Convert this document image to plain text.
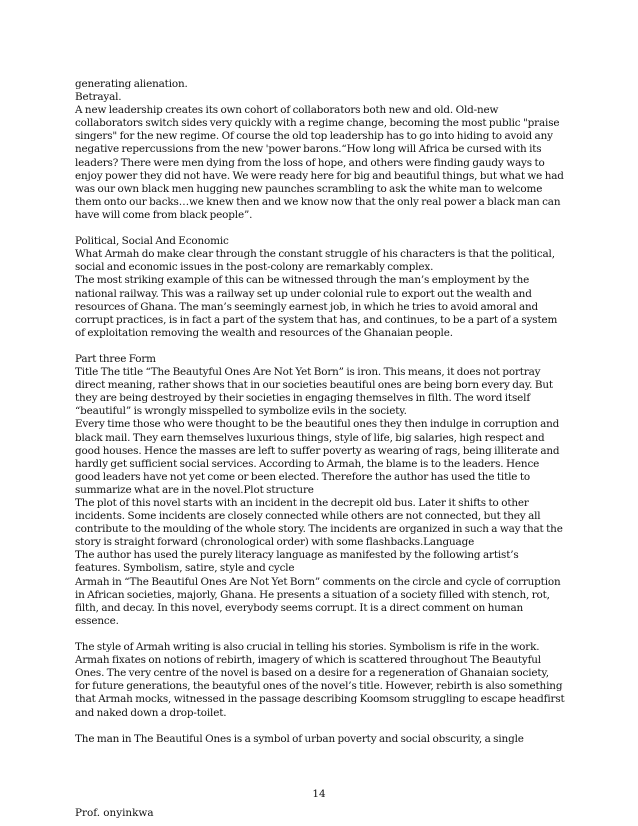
generating alienation.

Betrayal.

A new leadership creates its own cohort of collaborators both new and old. Old-new collaborators switch sides very quickly with a regime change, becoming the most public "praise singers" for the new regime. Of course the old top leadership has to go into hiding to avoid any negative repercussions from the new 'power barons.“How long will Africa be cursed with its leaders? There were men dying from the loss of hope, and others were finding gaudy ways to enjoy power they did not have. We were ready here for big and beautiful things, but what we had was our own black men hugging new paunches scrambling to ask the white man to welcome them onto our backs…we knew then and we know now that the only real power a black man can have will come from black people”.

Political, Social And Economic

What Armah do make clear through the constant struggle of his characters is that the political, social and economic issues in the post-colony are remarkably complex.

The most striking example of this can be witnessed through the man’s employment by the national railway. This was a railway set up under colonial rule to export out the wealth and resources of Ghana. The man’s seemingly earnest job, in which he tries to avoid amoral and corrupt practices, is in fact a part of the system that has, and continues, to be a part of a system of exploitation removing the wealth and resources of the Ghanaian people.

Part three Form

Title The title “The Beautyful Ones Are Not Yet Born” is iron. This means, it does not portray direct meaning, rather shows that in our societies beautiful ones are being born every day. But they are being destroyed by their societies in engaging themselves in filth. The word itself “beautiful” is wrongly misspelled to symbolize evils in the society.

Every time those who were thought to be the beautiful ones they then indulge in corruption and black mail. They earn themselves luxurious things, style of life, big salaries, high respect and good houses. Hence the masses are left to suffer poverty as wearing of rags, being illiterate and hardly get sufficient social services. According to Armah, the blame is to the leaders. Hence good leaders have not yet come or been elected. Therefore the author has used the title to summarize what are in the novel.Plot structure

The plot of this novel starts with an incident in the decrepit old bus. Later it shifts to other incidents. Some incidents are closely connected while others are not connected, but they all contribute to the moulding of the whole story. The incidents are organized in such a way that the story is straight forward (chronological order) with some flashbacks.Language

The author has used the purely literacy language as manifested by the following artist’s features. Symbolism, satire, style and cycle

Armah in “The Beautiful Ones Are Not Yet Born” comments on the circle and cycle of corruption in African societies, majorly, Ghana. He presents a situation of a society filled with stench, rot, filth, and decay. In this novel, everybody seems corrupt. It is a direct comment on human essence.

The style of Armah writing is also crucial in telling his stories. Symbolism is rife in the work. Armah fixates on notions of rebirth, imagery of which is scattered throughout The Beautyful Ones. The very centre of the novel is based on a desire for a regeneration of Ghanaian society, for future generations, the beautyful ones of the novel’s title. However, rebirth is also something that Armah mocks, witnessed in the passage describing Koomsom struggling to escape headfirst and naked down a drop-toilet.

The man in The Beautiful Ones is a symbol of urban poverty and social obscurity, a single

14
Prof. onyinkwa
